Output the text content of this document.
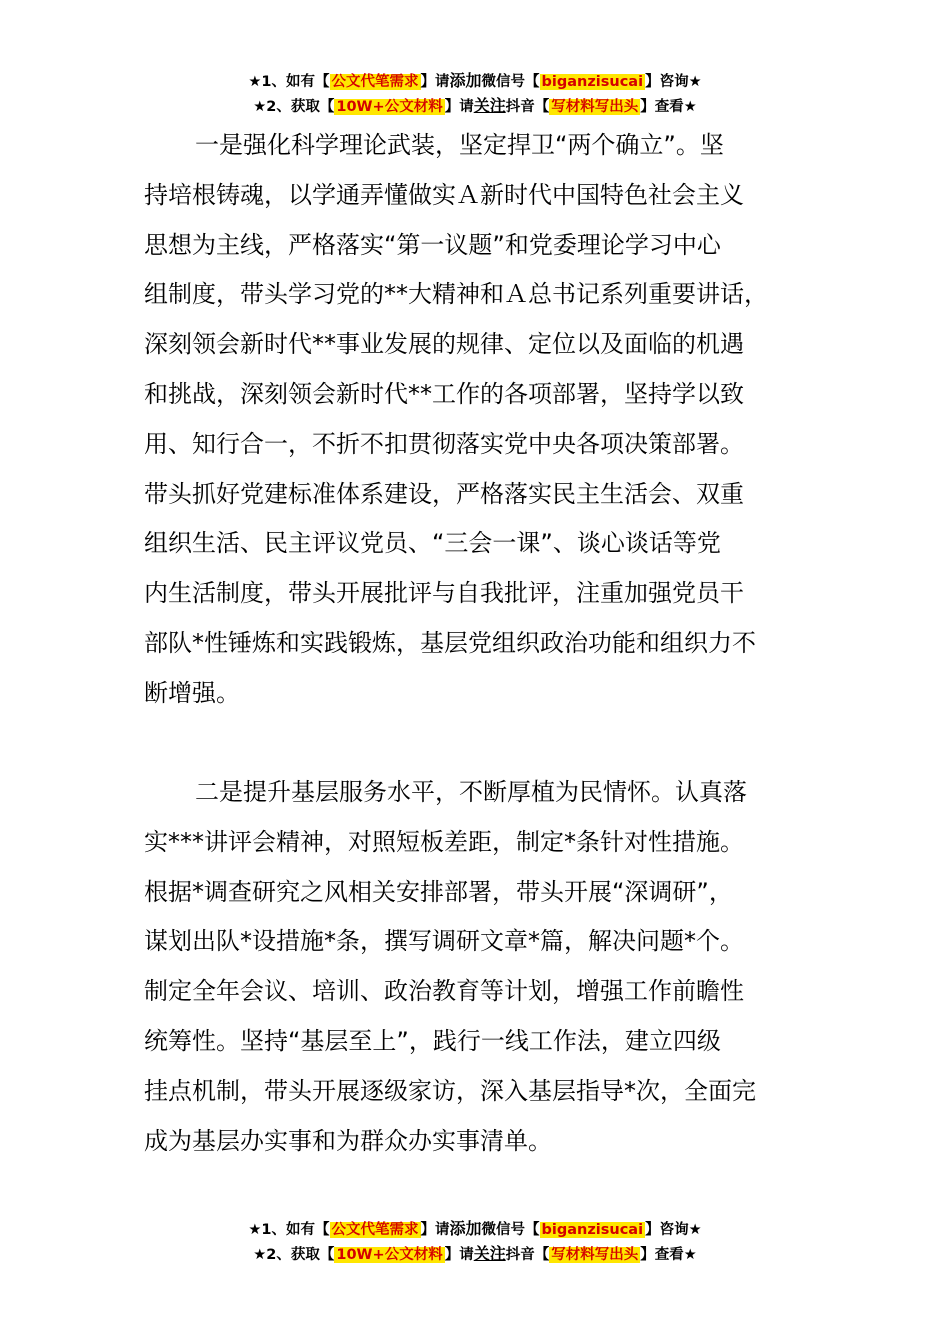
★1、如有【 公文代笔需求 】请添加微信号【 biganzisucai 】咨询★
★2、获取【 10W+公文材料 】请关注抖音【 写材料写出头 】查看★
一是强化科学理论武装，坚定捍卫“两个确立”。坚
持培根铸魂，以学通弄懂做实Ａ新时代中国特色社会主义
思想为主线，严格落实“第一议题”和党委理论学习中心
组制度，带头学习党的**大精神和Ａ总书记系列重要讲话，
深刻领会新时代**事业发展的规律、定位以及面临的机遇
和挑战，深刻领会新时代**工作的各项部署，坚持学以致
用、知行合一，不折不扣贯彻落实党中央各项决策部署。
带头抓好党建标准体系建设，严格落实民主生活会、双重
组织生活、民主评议党员、“三会一课”、谈心谈话等党
内生活制度，带头开展批评与自我批评，注重加强党员干
部队*性锤炼和实践锻炼，基层党组织政治功能和组织力不
断增强。
二是提升基层服务水平，不断厚植为民情怀。认真落
实***讲评会精神，对照短板差距，制定*条针对性措施。
根据*调查研究之风相关安排部署，带头开展“深调研”，
谋划出队*设措施*条，撰写调研文章*篇，解决问题*个。
制定全年会议、培训、政治教育等计划，增强工作前瞻性
统筹性。坚持“基层至上”，践行一线工作法，建立四级
挂点机制，带头开展逐级家访，深入基层指导*次，全面完
成为基层办实事和为群众办实事清单。
★1、如有【 公文代笔需求 】请添加微信号【 biganzisucai 】咨询★
★2、获取【 10W+公文材料 】请关注抖音【 写材料写出头 】查看★
